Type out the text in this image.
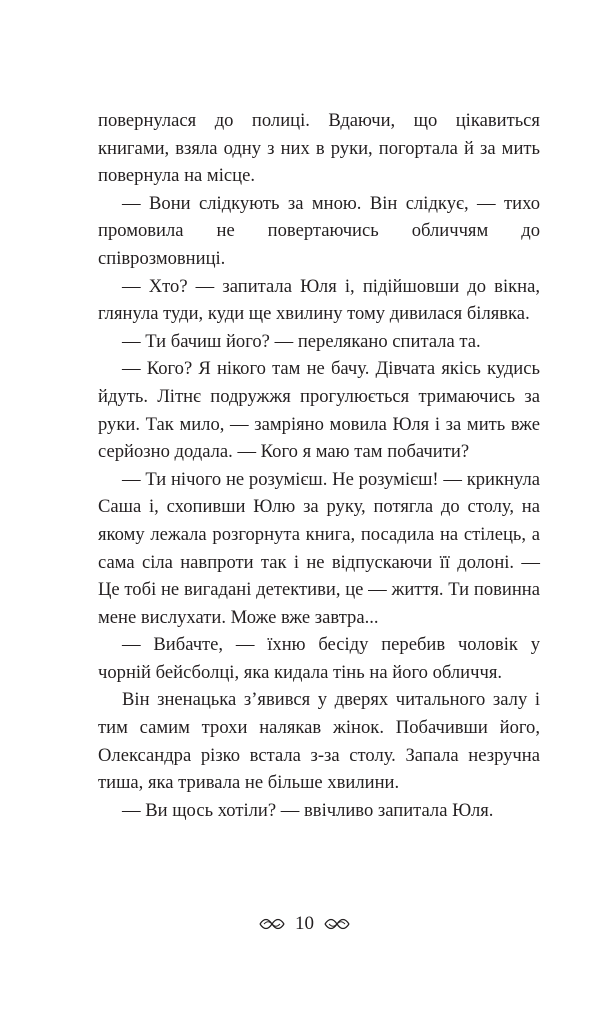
повернулася до полиці. Вдаючи, що цікавиться книгами, взяла одну з них в руки, погортала й за мить повернула на місце.

— Вони слідкують за мною. Він слідкує, — тихо промовила не повертаючись обличчям до співрозмовниці.

— Хто? — запитала Юля і, підійшовши до вікна, глянула туди, куди ще хвилину тому дивилася білявка.

— Ти бачиш його? — перелякано спитала та.

— Кого? Я нікого там не бачу. Дівчата якісь кудись йдуть. Літнє подружжя прогулюється тримаючись за руки. Так мило, — замріяно мовила Юля і за мить вже серйозно додала. — Кого я маю там побачити?

— Ти нічого не розумієш. Не розумієш! — крикнула Саша і, схопивши Юлю за руку, потягла до столу, на якому лежала розгорнута книга, посадила на стілець, а сама сіла навпроти так і не відпускаючи її долоні. — Це тобі не вигадані детективи, це — життя. Ти повинна мене вислухати. Може вже завтра...

— Вибачте, — їхню бесіду перебив чоловік у чорній бейсболці, яка кидала тінь на його обличчя.

Він зненацька з’явився у дверях читального залу і тим самим трохи налякав жінок. Побачивши його, Олександра різко встала з-за столу. Запала незручна тиша, яка тривала не більше хвилини.

— Ви щось хотіли? — ввічливо запитала Юля.

10
